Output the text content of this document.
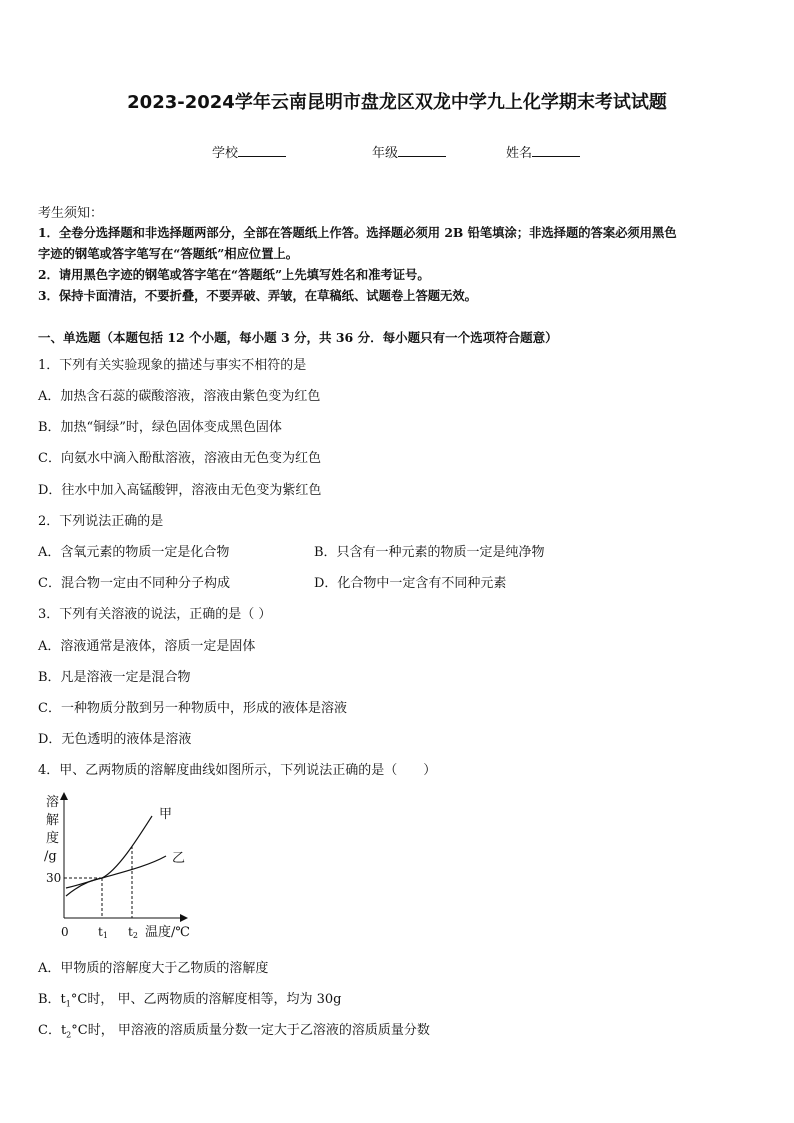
2023-2024学年云南昆明市盘龙区双龙中学九上化学期末考试试题
学校	年级	姓名
考生须知：
1．全卷分选择题和非选择题两部分，全部在答题纸上作答。选择题必须用 2B 铅笔填涂；非选择题的答案必须用黑色
字迹的钢笔或答字笔写在“答题纸”相应位置上。
2．请用黑色字迹的钢笔或答字笔在“答题纸”上先填写姓名和准考证号。
3．保持卡面清洁，不要折叠，不要弄破、弄皱，在草稿纸、试题卷上答题无效。
一、单选题（本题包括 12 个小题，每小题 3 分，共 36 分．每小题只有一个选项符合题意）
1．下列有关实验现象的描述与事实不相符的是
A．加热含石蕊的碳酸溶液，溶液由紫色变为红色
B．加热“铜绿”时，绿色固体变成黑色固体
C．向氨水中滴入酚酞溶液，溶液由无色变为红色
D．往水中加入高锰酸钾，溶液由无色变为紫红色
2．下列说法正确的是
A．含氧元素的物质一定是化合物	B．只含有一种元素的物质一定是纯净物
C．混合物一定由不同种分子构成	D．化合物中一定含有不同种元素
3．下列有关溶液的说法，正确的是（ ）
A．溶液通常是液体，溶质一定是固体
B．凡是溶液一定是混合物
C．一种物质分散到另一种物质中，形成的液体是溶液
D．无色透明的液体是溶液
4．甲、乙两物质的溶解度曲线如图所示，下列说法正确的是（　　）
溶
解
度
/g
30
甲
乙
0 t1 t2 温度/℃
A．甲物质的溶解度大于乙物质的溶解度
B．$t_1^\circ C$时， 甲、乙两物质的溶解度相等，均为 30g
C．$t_2^\circ C$时， 甲溶液的溶质质量分数一定大于乙溶液的溶质质量分数
